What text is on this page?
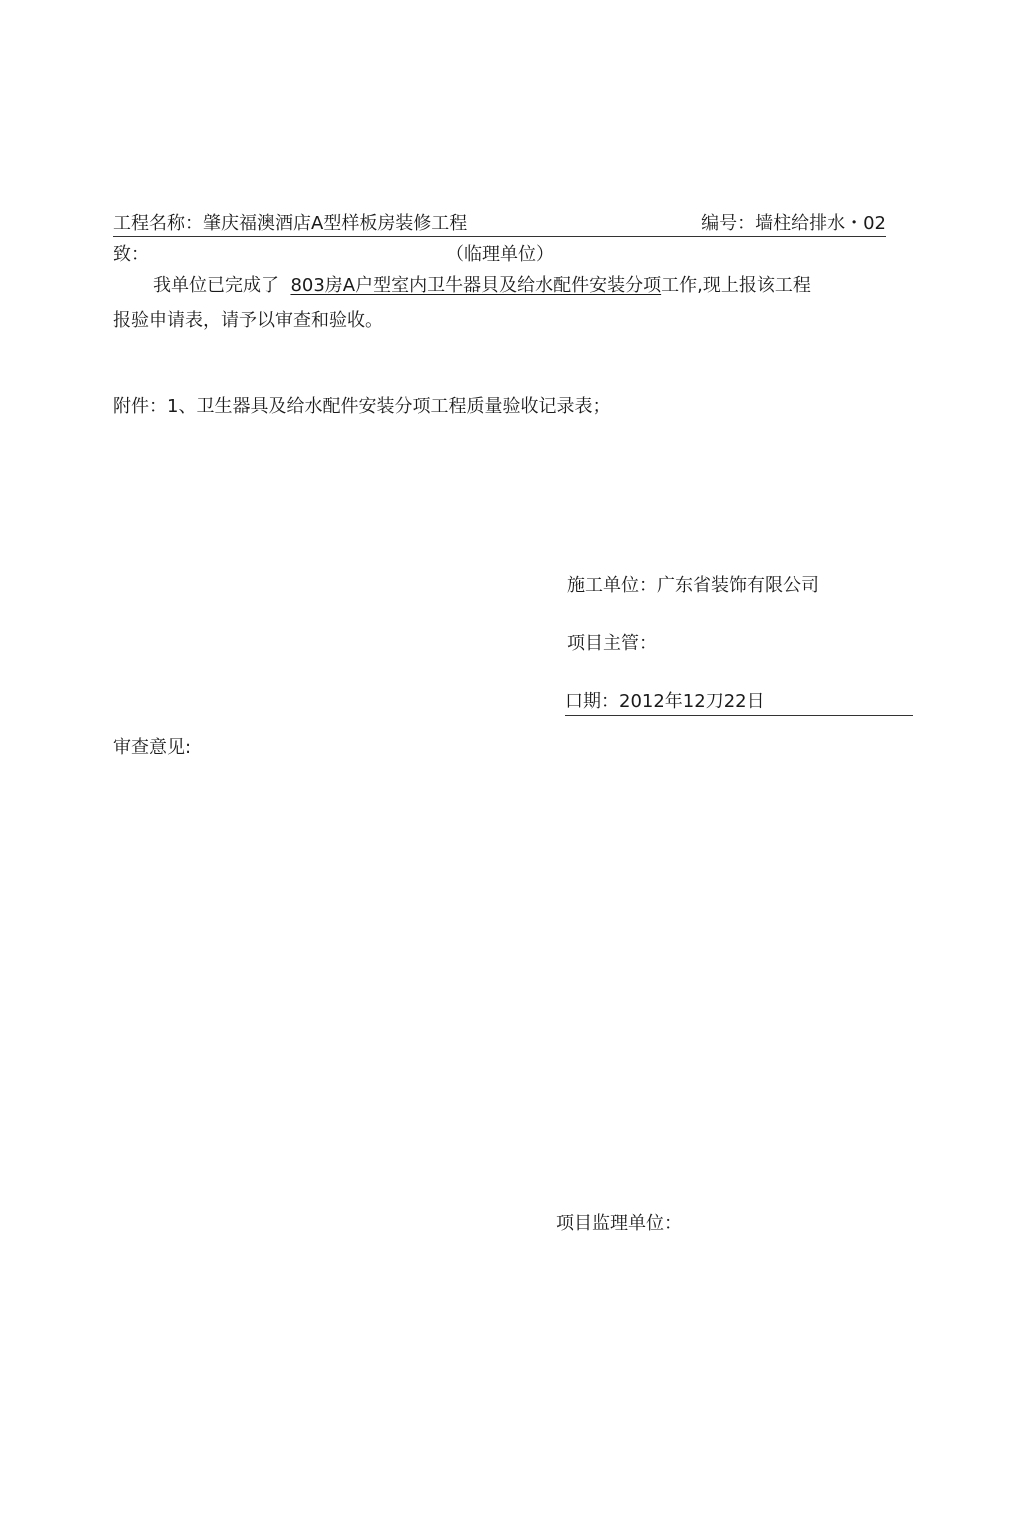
工程名称：肇庆福澳酒店A型样板房装修工程	编号：墙柱给排水・02
致：	（临理单位）
我单位已完成了 803房A户型室内卫牛器貝及给水配件安装分项工作,现上报该工程
报验申请表，请予以审查和验收。
附件：1、卫生器具及给水配件安装分项工程质量验收记录表；
施工单位：广东省装饰有限公司
项目主管：
口期：2012年12刀22日
审查意见:
项目监理单位：
